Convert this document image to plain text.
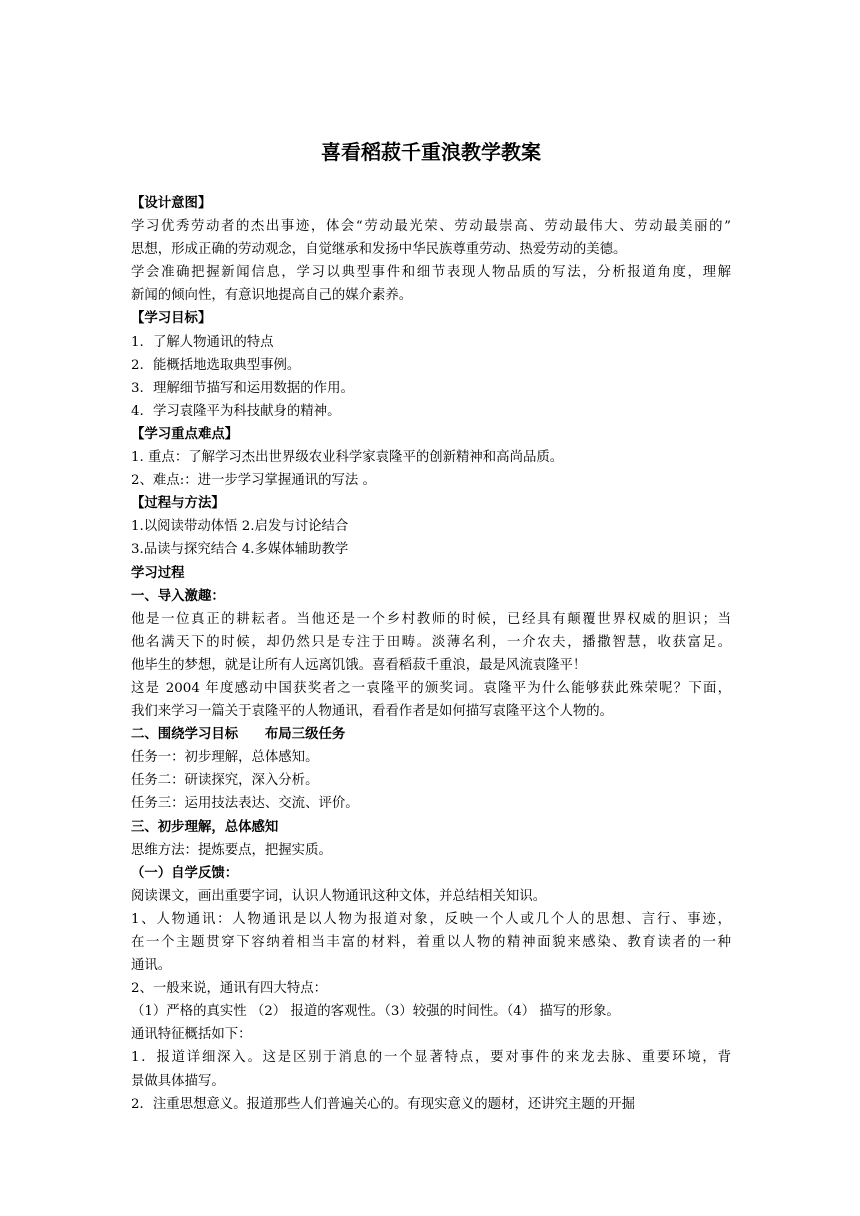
喜看稻菽千重浪教学教案
【设计意图】
学习优秀劳动者的杰出事迹，体会“劳动最光荣、劳动最崇高、劳动最伟大、劳动最美丽的”
思想，形成正确的劳动观念，自觉继承和发扬中华民族尊重劳动、热爱劳动的美德。
学会准确把握新闻信息，学习以典型事件和细节表现人物品质的写法，分析报道角度，理解
新闻的倾向性，有意识地提高自己的媒介素养。
【学习目标】
1. 了解人物通讯的特点
2. 能概括地选取典型事例。
3. 理解细节描写和运用数据的作用。
4. 学习袁隆平为科技献身的精神。
【学习重点难点】
1. 重点：了解学习杰出世界级农业科学家袁隆平的创新精神和高尚品质。
2、难点:：进一步学习掌握通讯的写法 。
【过程与方法】
1.以阅读带动体悟 2.启发与讨论结合
3.品读与探究结合 4.多媒体辅助教学
学习过程
一、导入激趣：
他是一位真正的耕耘者。当他还是一个乡村教师的时候，已经具有颠覆世界权威的胆识；当
他名满天下的时候，却仍然只是专注于田畴。淡薄名利，一介农夫，播撒智慧，收获富足。
他毕生的梦想，就是让所有人远离饥饿。喜看稻菽千重浪，最是风流袁隆平！
这是 2004 年度感动中国获奖者之一袁隆平的颁奖词。袁隆平为什么能够获此殊荣呢？下面，
我们来学习一篇关于袁隆平的人物通讯，看看作者是如何描写袁隆平这个人物的。
二、围绕学习目标　　布局三级任务
任务一：初步理解，总体感知。
任务二：研读探究，深入分析。
任务三：运用技法表达、交流、评价。
三、初步理解，总体感知
思维方法：提炼要点，把握实质。
（一）自学反馈：
阅读课文，画出重要字词，认识人物通讯这种文体，并总结相关知识。
1、人物通讯：人物通讯是以人物为报道对象，反映一个人或几个人的思想、言行、事迹，
在一个主题贯穿下容纳着相当丰富的材料，着重以人物的精神面貌来感染、教育读者的一种
通讯。
2、一般来说，通讯有四大特点：
（1）严格的真实性 （2） 报道的客观性。（3）较强的时间性。（4） 描写的形象。
通讯特征概括如下：
1．报道详细深入。这是区别于消息的一个显著特点，要对事件的来龙去脉、重要环境，背
景做具体描写。
2．注重思想意义。报道那些人们普遍关心的。有现实意义的题材，还讲究主题的开掘
